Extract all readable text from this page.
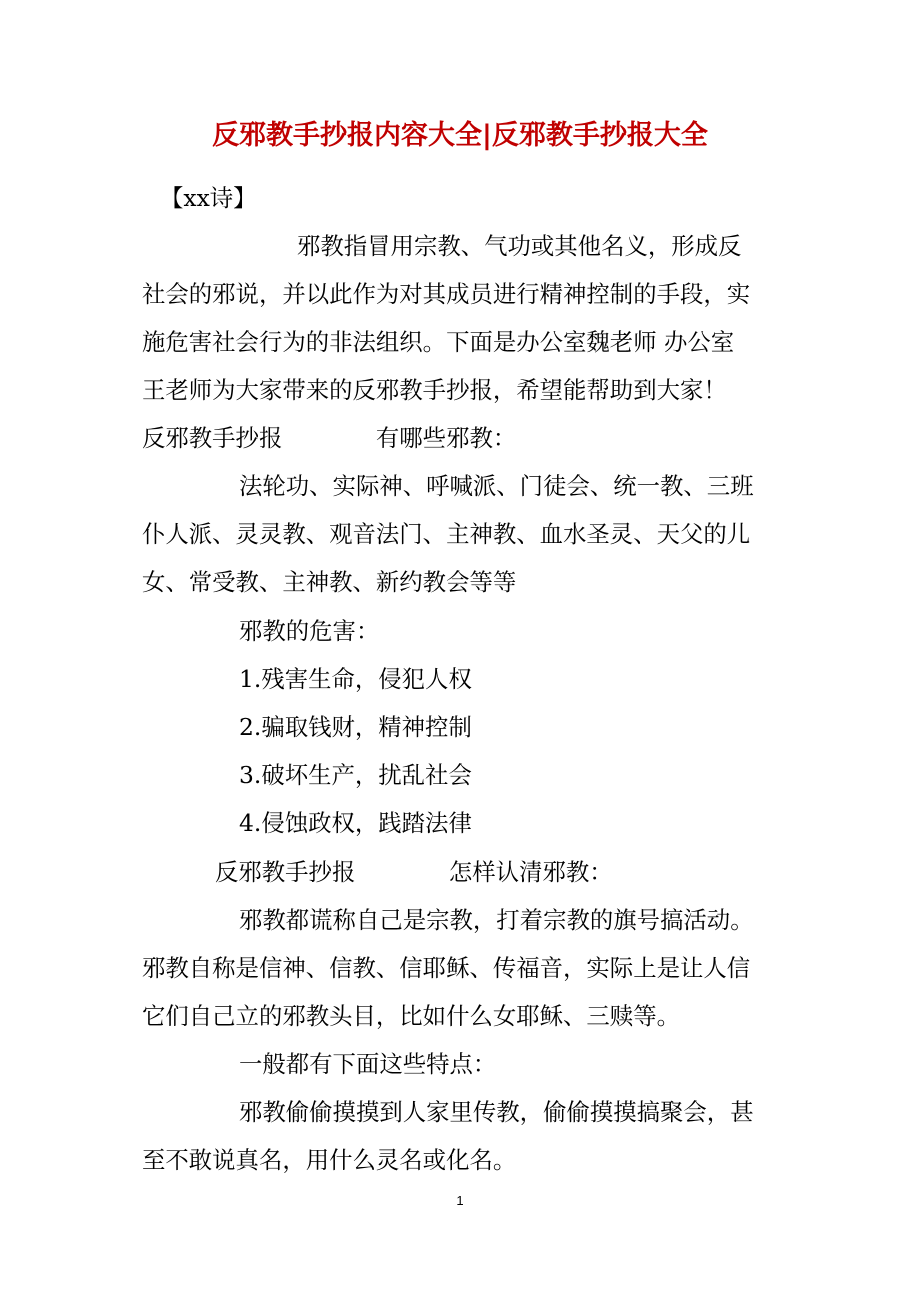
反邪教手抄报内容大全|反邪教手抄报大全

【xx诗】

邪教指冒用宗教、气功或其他名义，形成反

社会的邪说，并以此作为对其成员进行精神控制的手段，实

施危害社会行为的非法组织。下面是办公室魏老师 办公室

王老师为大家带来的反邪教手抄报，希望能帮助到大家！

反邪教手抄报　　　　有哪些邪教：

法轮功、实际神、呼喊派、门徒会、统一教、三班

仆人派、灵灵教、观音法门、主神教、血水圣灵、天父的儿

女、常受教、主神教、新约教会等等

邪教的危害：

1.残害生命，侵犯人权

2.骗取钱财，精神控制

3.破坏生产，扰乱社会

4.侵蚀政权，践踏法律

反邪教手抄报　　　　怎样认清邪教：

邪教都谎称自己是宗教，打着宗教的旗号搞活动。

邪教自称是信神、信教、信耶稣、传福音，实际上是让人信

它们自己立的邪教头目，比如什么女耶稣、三赎等。

一般都有下面这些特点：

邪教偷偷摸摸到人家里传教，偷偷摸摸搞聚会，甚

至不敢说真名，用什么灵名或化名。

1
